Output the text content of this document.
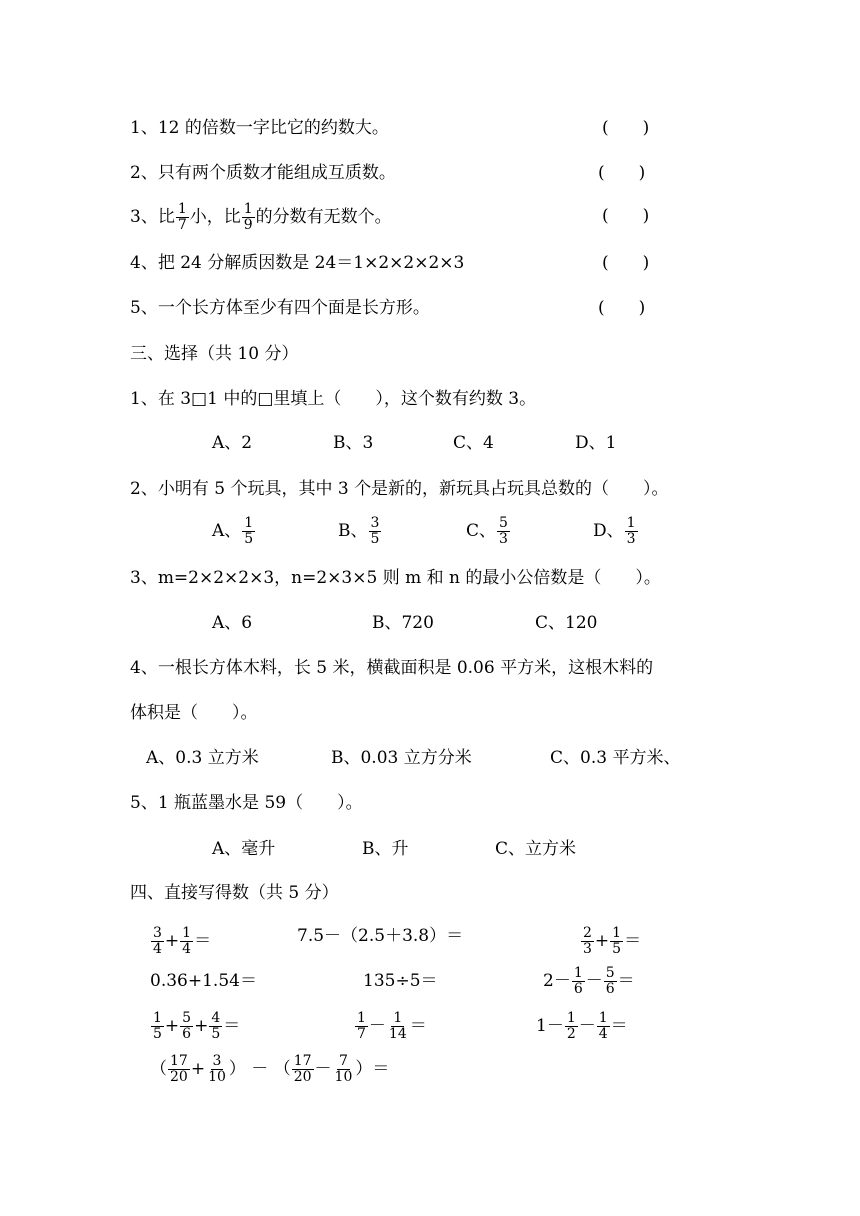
1、12 的倍数一字比它的约数大。	(　　)
2、只有两个质数才能组成互质数。	(　　)
3、比 $\frac{1}{7}$ 小，比 $\frac{1}{9}$ 的分数有无数个。	(　　)
4、把 24 分解质因数是 24＝1×2×2×2×3	(　　)
5、一个长方体至少有四个面是长方形。	(　　)
三、选择（共 10 分）
1、在 3□1 中的□里填上（　　），这个数有约数 3。
A、2	B、3	C、4	D、1
2、小明有 5 个玩具，其中 3 个是新的，新玩具占玩具总数的（　　）。
A、 $\frac{1}{5}$	B、 $\frac{3}{5}$	C、 $\frac{5}{3}$	D、 $\frac{1}{3}$
3、m=2×2×2×3，n=2×3×5 则 m 和 n 的最小公倍数是（　　）。
A、6	B、720	C、120
4、一根长方体木料，长 5 米，横截面积是 0.06 平方米，这根木料的
体积是（　　）。
A、0.3 立方米	B、0.03 立方分米	C、0.3 平方米、
5、1 瓶蓝墨水是 59（　　）。
A、毫升	B、升	C、立方米
四、直接写得数（共 5 分）
$\frac{3}{4} + \frac{1}{4}$ ＝	7.5－（2.5＋3.8）＝	$\frac{2}{3} + \frac{1}{5}$ ＝
0.36+1.54＝	135÷5＝	$2- \frac{1}{6} - \frac{5}{6}$ ＝
$\frac{1}{5} + \frac{5}{6} + \frac{4}{5}$ ＝	$\frac{1}{7} - \frac{1}{14}$ ＝	$1- \frac{1}{2} - \frac{1}{4}$ ＝
（ $\frac{17}{20} + \frac{3}{10}$ ） － （ $\frac{17}{20} - \frac{7}{10}$ ）＝
